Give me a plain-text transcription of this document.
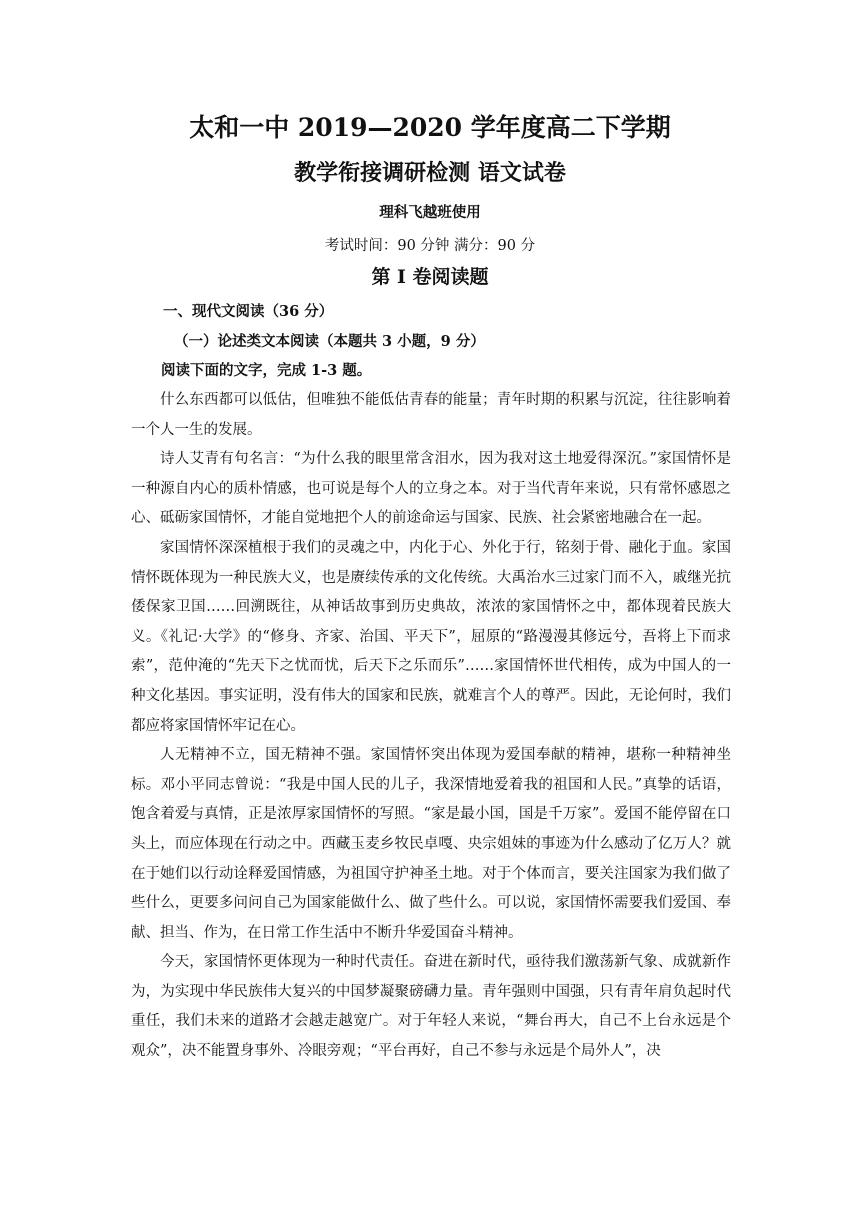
太和一中 2019—2020 学年度高二下学期
教学衔接调研检测 语文试卷
理科飞越班使用
考试时间：90 分钟 满分：90 分
第 I 卷阅读题
一、现代文阅读（36 分）
（一）论述类文本阅读（本题共 3 小题，9 分）
阅读下面的文字，完成 1-3 题。

什么东西都可以低估，但唯独不能低估青春的能量；青年时期的积累与沉淀，往往影响着一个人一生的发展。

诗人艾青有句名言：“为什么我的眼里常含泪水，因为我对这土地爱得深沉。”家国情怀是一种源自内心的质朴情感，也可说是每个人的立身之本。对于当代青年来说，只有常怀感恩之心、砥砺家国情怀，才能自觉地把个人的前途命运与国家、民族、社会紧密地融合在一起。

家国情怀深深植根于我们的灵魂之中，内化于心、外化于行，铭刻于骨、融化于血。家国情怀既体现为一种民族大义，也是赓续传承的文化传统。大禹治水三过家门而不入，戚继光抗倭保家卫国……回溯既往，从神话故事到历史典故，浓浓的家国情怀之中，都体现着民族大义。《礼记·大学》的“修身、齐家、治国、平天下”，屈原的“路漫漫其修远兮，吾将上下而求索”，范仲淹的“先天下之忧而忧，后天下之乐而乐”……家国情怀世代相传，成为中国人的一种文化基因。事实证明，没有伟大的国家和民族，就难言个人的尊严。因此，无论何时，我们都应将家国情怀牢记在心。

人无精神不立，国无精神不强。家国情怀突出体现为爱国奉献的精神，堪称一种精神坐标。邓小平同志曾说：“我是中国人民的儿子，我深情地爱着我的祖国和人民。”真挚的话语，饱含着爱与真情，正是浓厚家国情怀的写照。“家是最小国，国是千万家”。爱国不能停留在口头上，而应体现在行动之中。西藏玉麦乡牧民卓嘎、央宗姐妹的事迹为什么感动了亿万人？就在于她们以行动诠释爱国情感，为祖国守护神圣土地。对于个体而言，要关注国家为我们做了些什么，更要多问问自己为国家能做什么、做了些什么。可以说，家国情怀需要我们爱国、奉献、担当、作为，在日常工作生活中不断升华爱国奋斗精神。

今天，家国情怀更体现为一种时代责任。奋进在新时代，亟待我们激荡新气象、成就新作为，为实现中华民族伟大复兴的中国梦凝聚磅礴力量。青年强则中国强，只有青年肩负起时代重任，我们未来的道路才会越走越宽广。对于年轻人来说，“舞台再大，自己不上台永远是个观众”，决不能置身事外、冷眼旁观；“平台再好，自己不参与永远是个局外人”，决
